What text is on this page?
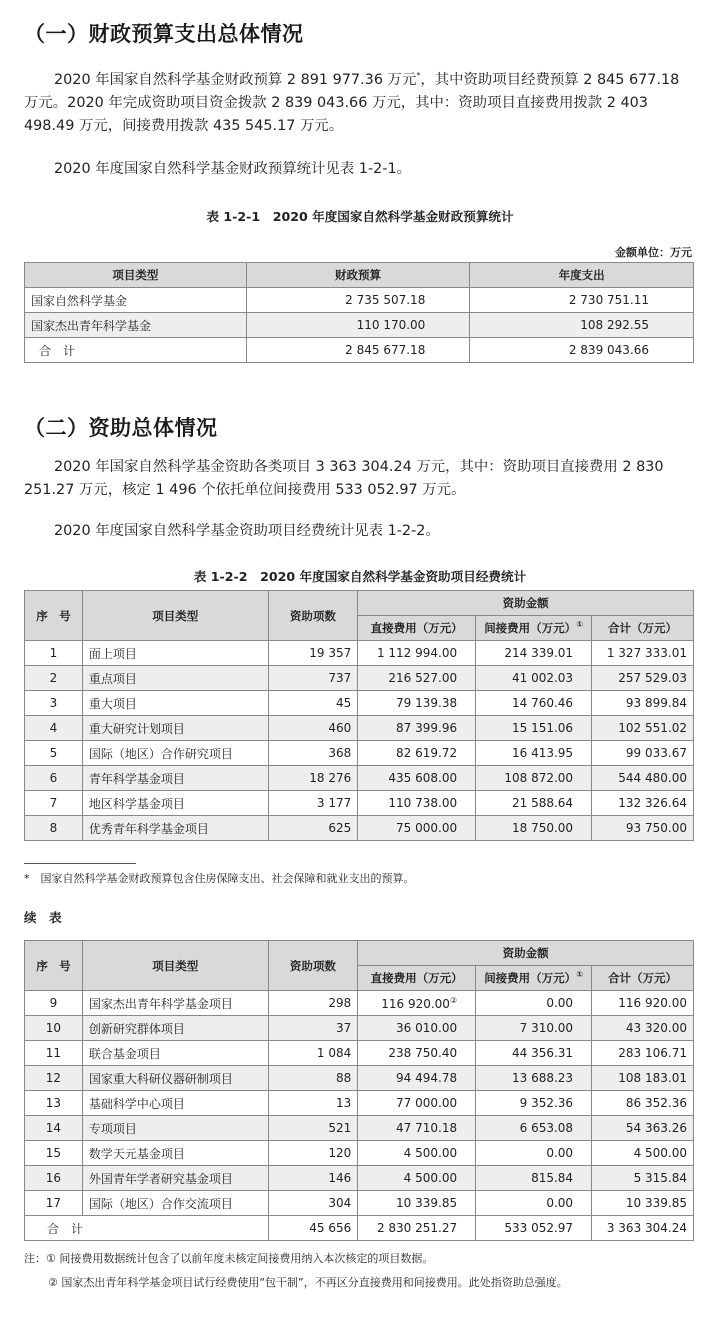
（一）财政预算支出总体情况

2020 年国家自然科学基金财政预算 2 891 977.36 万元*，其中资助项目经费预算 2 845 677.18 万元。2020 年完成资助项目资金拨款 2 839 043.66 万元，其中：资助项目直接费用拨款 2 403 498.49 万元，间接费用拨款 435 545.17 万元。

2020 年度国家自然科学基金财政预算统计见表 1-2-1。

表 1-2-1　2020 年度国家自然科学基金财政预算统计
金额单位：万元
项目类型	财政预算	年度支出
国家自然科学基金	2 735 507.18	2 730 751.11
国家杰出青年科学基金	110 170.00	108 292.55
合　计	2 845 677.18	2 839 043.66
（二）资助总体情况

2020 年国家自然科学基金资助各类项目 3 363 304.24 万元，其中：资助项目直接费用 2 830 251.27 万元，核定 1 496 个依托单位间接费用 533 052.97 万元。

2020 年度国家自然科学基金资助项目经费统计见表 1-2-2。

表 1-2-2　2020 年度国家自然科学基金资助项目经费统计
序　号	项目类型	资助项数	资助金额		
			直接费用（万元）	间接费用（万元）①	合计（万元）
1	面上项目	19 357	1 112 994.00	214 339.01	1 327 333.01
2	重点项目	737	216 527.00	41 002.03	257 529.03
3	重大项目	45	79 139.38	14 760.46	93 899.84
4	重大研究计划项目	460	87 399.96	15 151.06	102 551.02
5	国际（地区）合作研究项目	368	82 619.72	16 413.95	99 033.67
6	青年科学基金项目	18 276	435 608.00	108 872.00	544 480.00
7	地区科学基金项目	3 177	110 738.00	21 588.64	132 326.64
8	优秀青年科学基金项目	625	75 000.00	18 750.00	93 750.00
*　国家自然科学基金财政预算包含住房保障支出、社会保障和就业支出的预算。
续　表
序　号	项目类型	资助项数	资助金额		
			直接费用（万元）	间接费用（万元）①	合计（万元）
9	国家杰出青年科学基金项目	298	116 920.00②	0.00	116 920.00
10	创新研究群体项目	37	36 010.00	7 310.00	43 320.00
11	联合基金项目	1 084	238 750.40	44 356.31	283 106.71
12	国家重大科研仪器研制项目	88	94 494.78	13 688.23	108 183.01
13	基础科学中心项目	13	77 000.00	9 352.36	86 352.36
14	专项项目	521	47 710.18	6 653.08	54 363.26
15	数学天元基金项目	120	4 500.00	0.00	4 500.00
16	外国青年学者研究基金项目	146	4 500.00	815.84	5 315.84
17	国际（地区）合作交流项目	304	10 339.85	0.00	10 339.85
合　计		45 656	2 830 251.27	533 052.97	3 363 304.24
注：① 间接费用数据统计包含了以前年度未核定间接费用纳入本次核定的项目数据。
② 国家杰出青年科学基金项目试行经费使用“包干制”，不再区分直接费用和间接费用。此处指资助总强度。
